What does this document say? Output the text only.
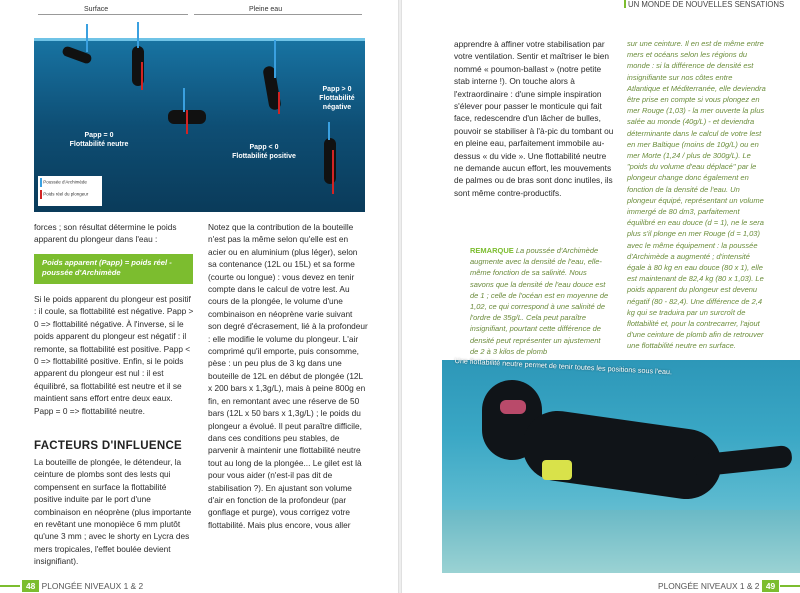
Surface	Pleine eau
Papp = 0
Flottabilité neutre	Papp < 0
Flottabilité positive
Papp > 0
Flottabilité négative
Poussée d'Archimède
Poids réel du plongeur

forces ; son résultat détermine le poids apparent du plongeur dans l'eau :

Poids apparent (Papp) = poids réel - poussée d'Archimède

Si le poids apparent du plongeur est positif : il coule, sa flottabilité est négative. Papp > 0 => flottabilité négative. À l'inverse, si le poids apparent du plongeur est négatif : il remonte, sa flottabilité est positive. Papp < 0 => flottabilité positive. Enfin, si le poids apparent du plongeur est nul : il est équilibré, sa flottabilité est neutre et il se maintient sans effort entre deux eaux. Papp = 0 => flottabilité neutre.

FACTEURS D'INFLUENCE

La bouteille de plongée, le détendeur, la ceinture de plombs sont des lests qui compensent en surface la flottabilité positive induite par le port d'une combinaison en néoprène (plus importante en revêtant une monopièce 6 mm plutôt qu'une 3 mm ; avec le shorty en Lycra des mers tropicales, l'effet boulée devient insignifiant).

Notez que la contribution de la bouteille n'est pas la même selon qu'elle est en acier ou en aluminium (plus léger), selon sa contenance (12L ou 15L) et sa forme (courte ou longue) : vous devez en tenir compte dans le calcul de votre lest. Au cours de la plongée, le volume d'une combinaison en néoprène varie suivant son degré d'écrasement, lié à la profondeur : elle modifie le volume du plongeur. L'air comprimé qu'il emporte, puis consomme, pèse : un peu plus de 3 kg dans une bouteille de 12L en début de plongée (12L x 200 bars x 1,3g/L), mais à peine 800g en fin, en remontant avec une réserve de 50 bars (12L x 50 bars x 1,3g/L) ; le poids du plongeur a évolué. Il peut paraître difficile, dans ces conditions peu stables, de parvenir à maintenir une flottabilité neutre tout au long de la plongée... Le gilet est là pour vous aider (n'est-il pas dit de stabilisation ?). En ajustant son volume d'air en fonction de la profondeur (par gonflage et purge), vous corrigez votre flottabilité. Mais plus encore, vous aller

48 PLONGÉE NIVEAUX 1 & 2
UN MONDE DE NOUVELLES SENSATIONS

apprendre à affiner votre stabilisation par votre ventilation. Sentir et maîtriser le bien nommé « poumon-ballast » (notre petite stab interne !). On touche alors à l'extraordinaire : d'une simple inspiration s'élever pour passer le monticule qui fait face, redescendre d'un lâcher de bulles, pouvoir se stabiliser à l'à-pic du tombant ou en pleine eau, parfaitement immobile au-dessus « du vide ». Une flottabilité neutre ne demande aucun effort, les mouvements de palmes ou de bras sont donc inutiles, ils sont même contre-productifs.

REMARQUE La poussée d'Archimède augmente avec la densité de l'eau, elle-même fonction de sa salinité. Nous savons que la densité de l'eau douce est de 1 ; celle de l'océan est en moyenne de 1,02, ce qui correspond à une salinité de l'ordre de 35g/L. Cela peut paraître insignifiant, pourtant cette différence de densité peut représenter un ajustement de 2 à 3 kilos de plomb

sur une ceinture. Il en est de même entre mers et océans selon les régions du monde : si la différence de densité est insignifiante sur nos côtes entre Atlantique et Méditerranée, elle deviendra être prise en compte si vous plongez en mer Rouge (1,03) - la mer ouverte la plus salée au monde (40g/L) - et deviendra déterminante dans le calcul de votre lest en mer Baltique (moins de 10g/L) ou en mer Morte (1,24 / plus de 300g/L). Le "poids du volume d'eau déplacé" par le plongeur change donc également en fonction de la densité de l'eau. Un plongeur équipé, représentant un volume immergé de 80 dm3, parfaitement équilibré en eau douce (d = 1), ne le sera plus s'il plonge en mer Rouge (d = 1,03) avec le même équipement : la poussée d'Archimède a augmenté ; d'intensité égale à 80 kg en eau douce (80 x 1), elle est maintenant de 82,4 kg (80 x 1,03). Le poids apparent du plongeur est devenu négatif (80 - 82,4). Une différence de 2,4 kg qui se traduira par un surcroît de flottabilité et, pour la contrecarrer, l'ajout d'une ceinture de plomb afin de retrouver une flottabilité neutre en surface.

Une flottabilité neutre permet de tenir toutes les positions sous l'eau.
PLONGÉE NIVEAUX 1 & 2 49
